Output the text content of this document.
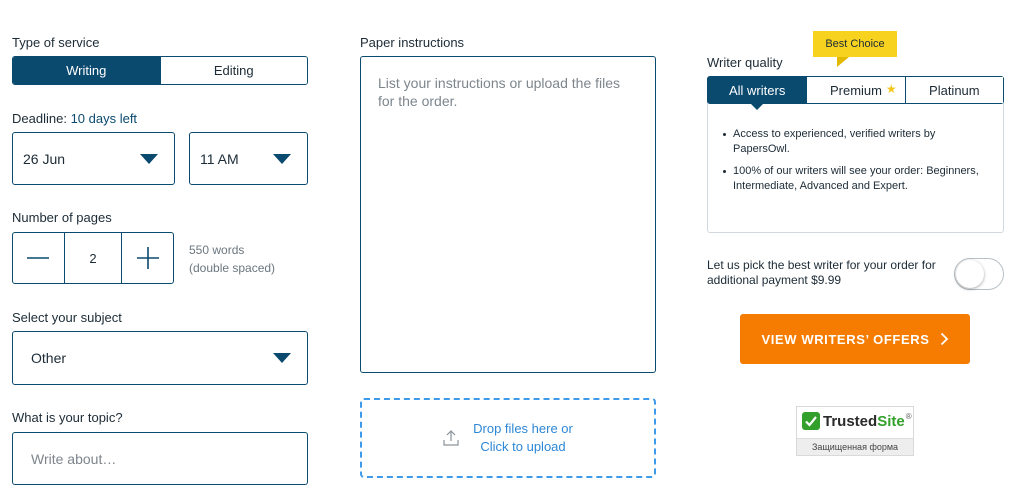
Type of service
Writing	Editing
Deadline: 10 days left
26 Jun	11 AM
Number of pages
2
550 words
(double spaced)
Select your subject
Other
What is your topic?
Write about…
Paper instructions
List your instructions or upload the files for the order.
Drop files here or
Click to upload
Best Choice
Writer quality
All writers	Premium ★	Platinum
Access to experienced, verified writers by PapersOwl.
100% of our writers will see your order: Beginners, Intermediate, Advanced and Expert.
Let us pick the best writer for your order for additional payment $9.99
VIEW WRITERS’ OFFERS
Trusted Site ®
Защищенная форма
